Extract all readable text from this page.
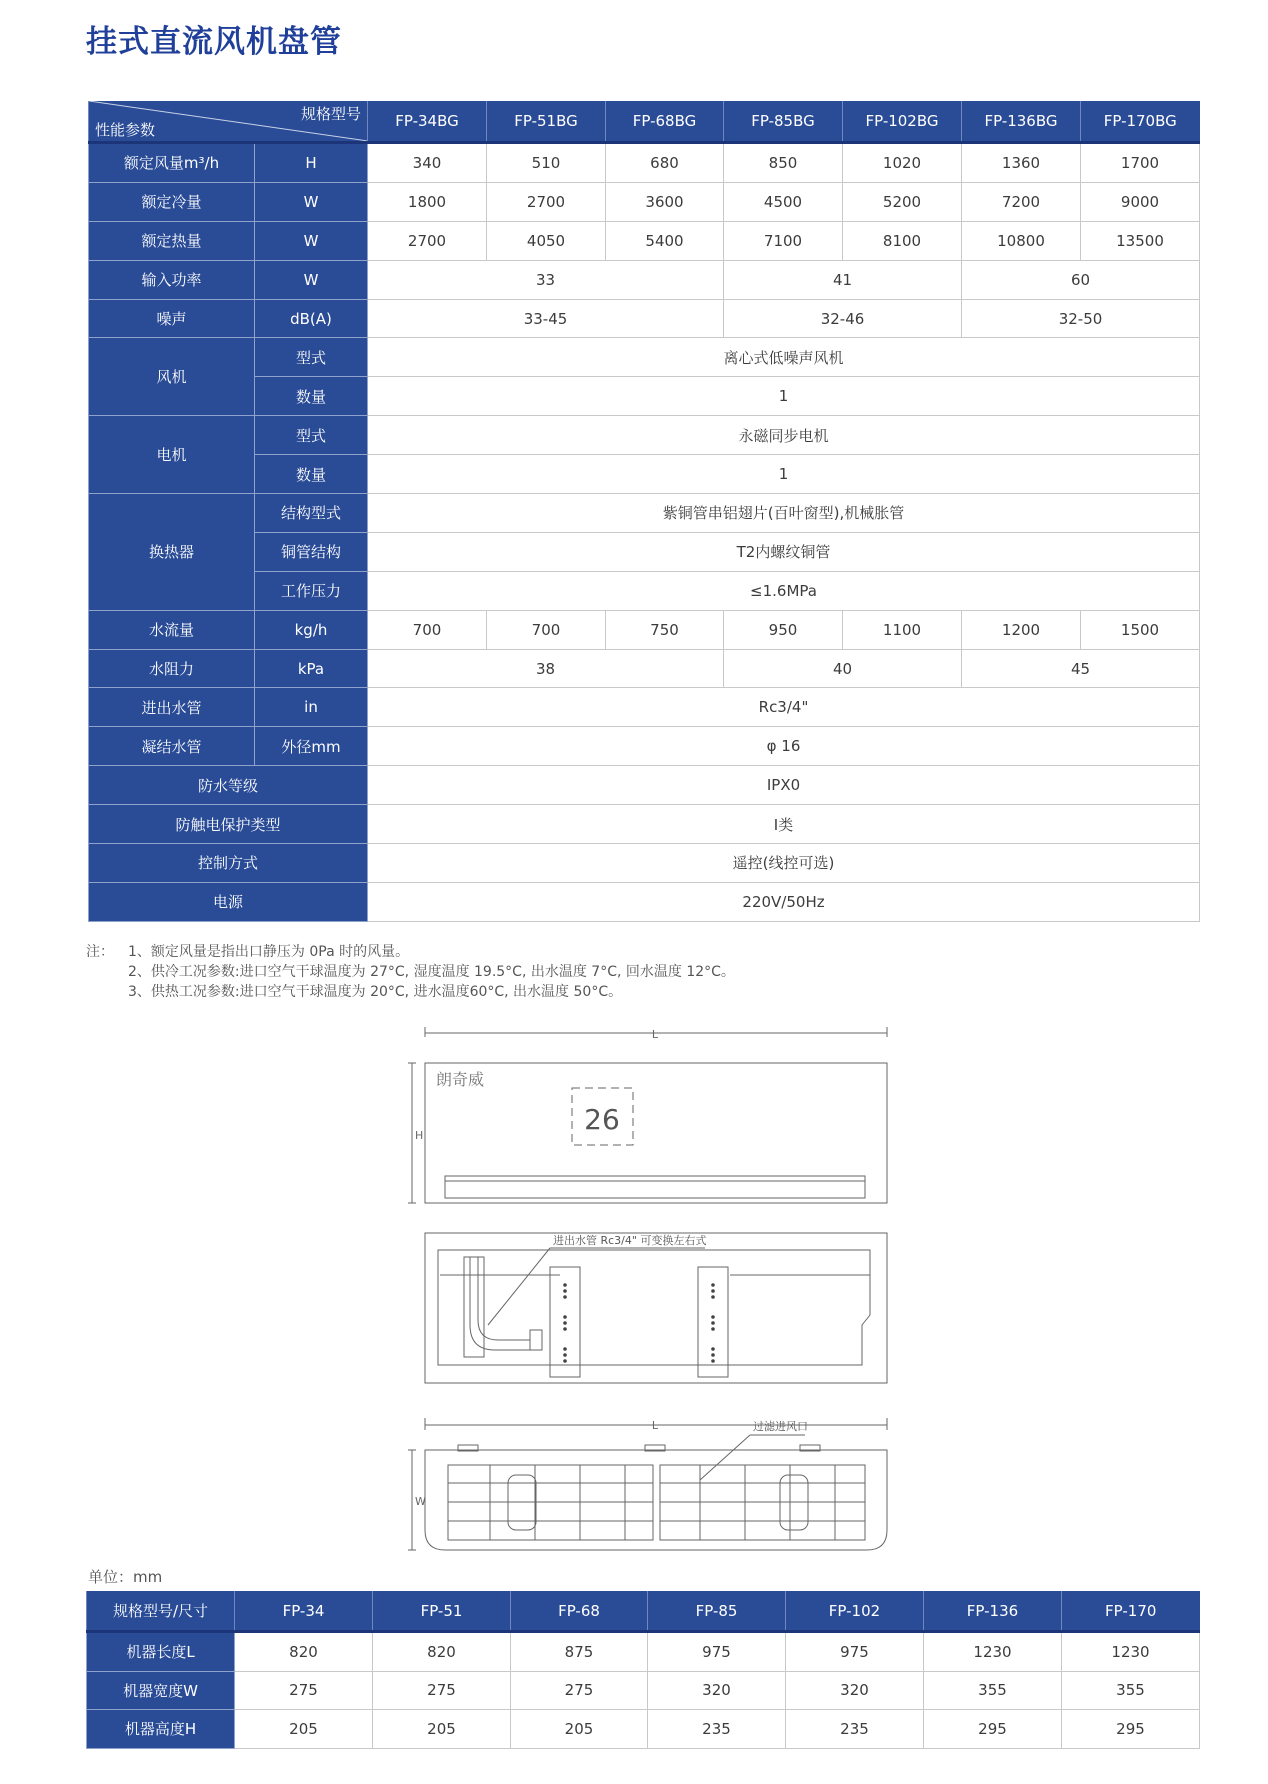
挂式直流风机盘管
规格型号
性能参数		FP-34BG	FP-51BG	FP-68BG	FP-85BG	FP-102BG	FP-136BG	FP-170BG
额定风量m³/h	H	340	510	680	850	1020	1360	1700
额定冷量	W	1800	2700	3600	4500	5200	7200	9000
额定热量	W	2700	4050	5400	7100	8100	10800	13500
输入功率	W	33			41		60	
噪声	dB(A)	33-45			32-46		32-50	
风机	型式	离心式低噪声风机						
	数量	1						
电机	型式	永磁同步电机						
	数量	1						
换热器	结构型式	紫铜管串铝翅片(百叶窗型),机械胀管						
	铜管结构	T2内螺纹铜管						
	工作压力	≤1.6MPa						
水流量	kg/h	700	700	750	950	1100	1200	1500
水阻力	kPa	38			40		45	
进出水管	in	Rc3/4"						
凝结水管	外径mm	φ 16						
防水等级		IPX0						
防触电保护类型		Ⅰ类						
控制方式		遥控(线控可选)						
电源		220V/50Hz						
注： 1、额定风量是指出口静压为 0Pa 时的风量。
2、供冷工况参数:进口空气干球温度为 27°C, 湿度温度 19.5°C, 出水温度 7°C, 回水温度 12°C。
3、供热工况参数:进口空气干球温度为 20°C, 进水温度60°C, 出水温度 50°C。
L
H
朗奇威
26
进出水管 Rc3/4" 可变换左右式
L
W
过滤进风口
单位：mm
规格型号/尺寸	FP-34	FP-51	FP-68	FP-85	FP-102	FP-136	FP-170
机器长度L	820	820	875	975	975	1230	1230
机器宽度W	275	275	275	320	320	355	355
机器高度H	205	205	205	235	235	295	295
